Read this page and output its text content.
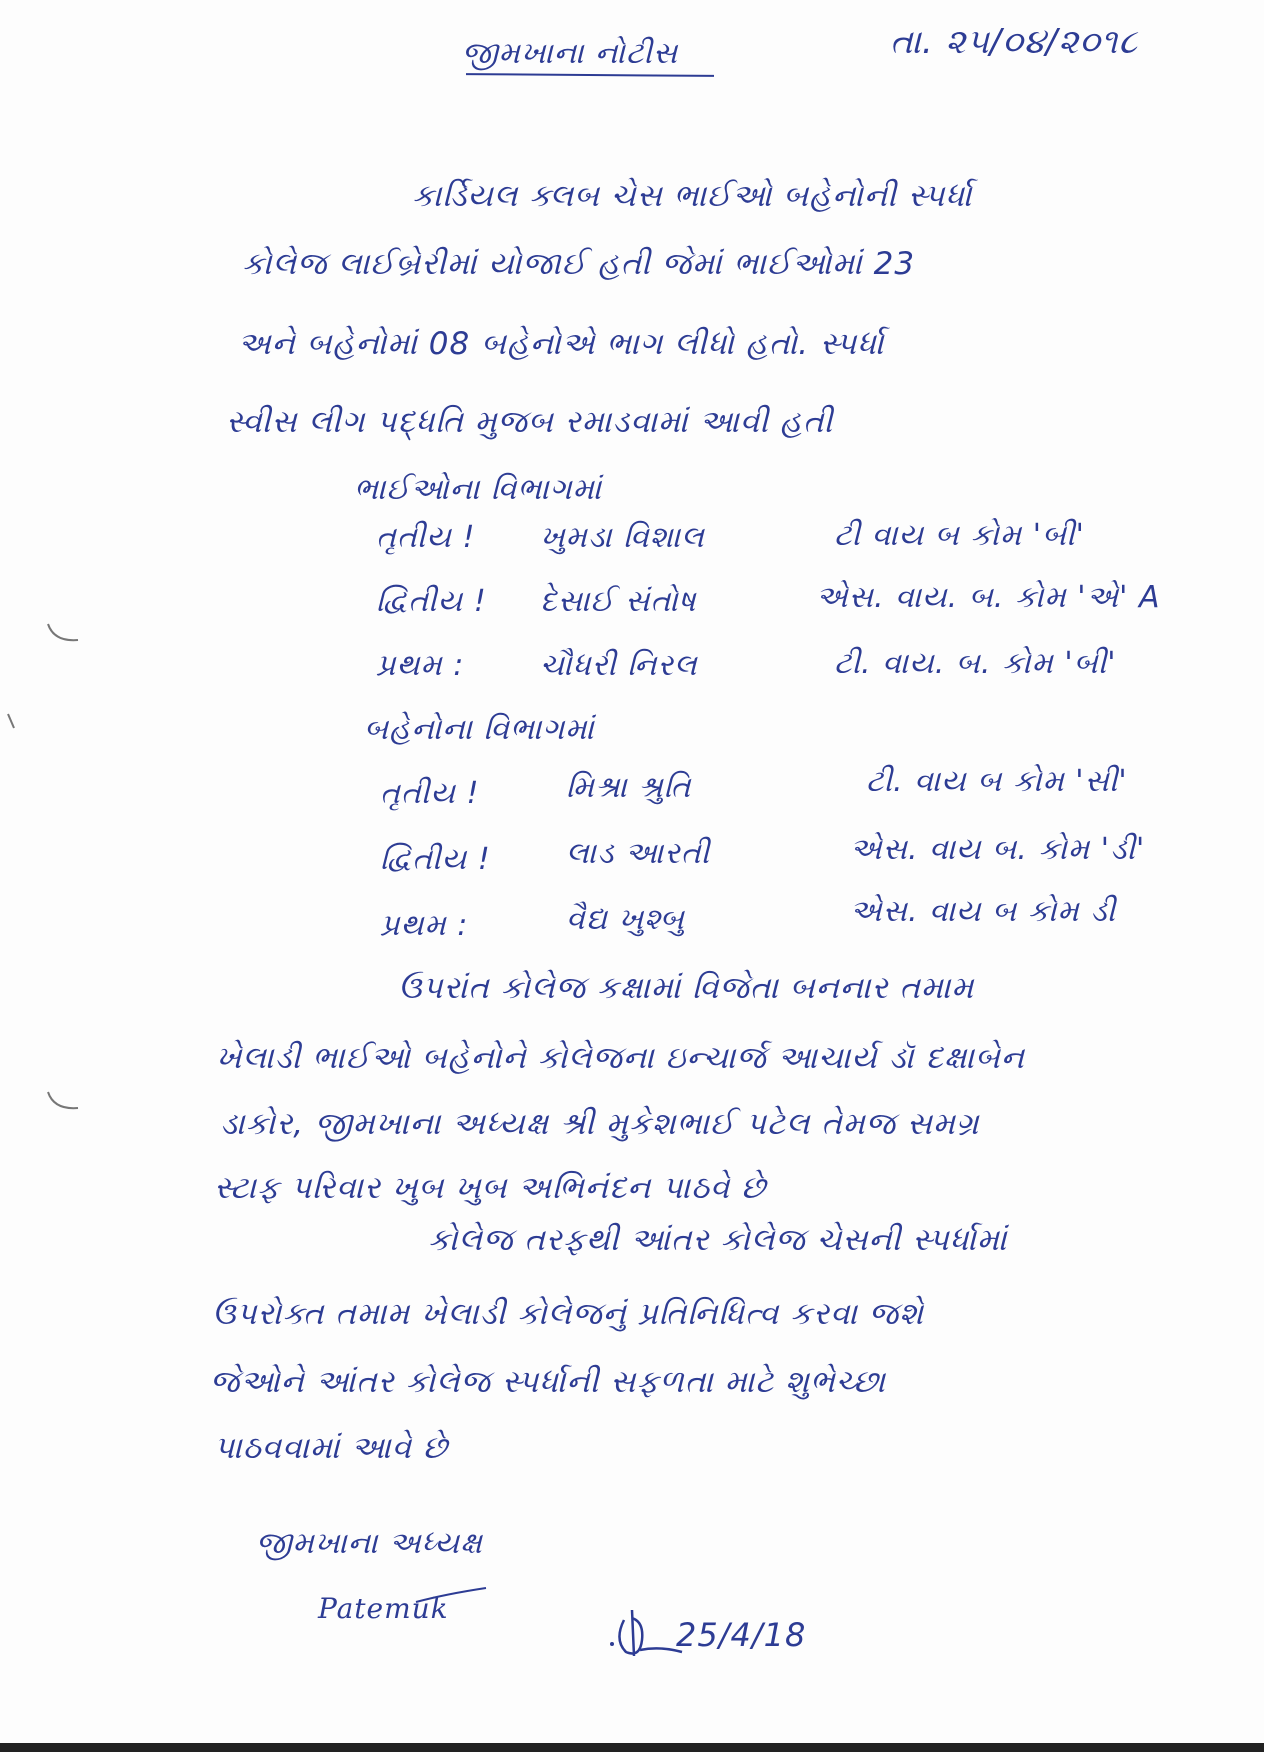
જીમખાના નોટીસ	તા. ૨૫/૦૪/૨૦૧૮
કાર્ડિયલ ક્લબ ચેસ ભાઈઓ બહેનોની સ્પર્ધા
કોલેજ લાઈબ્રેરીમાં યોજાઈ હતી જેમાં ભાઈઓમાં 23
અને બહેનોમાં 08 બહેનોએ ભાગ લીધો હતો. સ્પર્ધા
સ્વીસ લીગ પદ્ધતિ મુજબ રમાડવામાં આવી હતી
ભાઈઓના વિભાગમાં
તૃતીય ! ખુમડા વિશાલ	ટી વાય બ કોમ 'બી'
દ્વિતીય ! દેસાઈ સંતોષ	એસ. વાય. બ. કોમ 'એ' A
પ્રથમ :	ચૌધરી નિરલ	ટી. વાય. બ. કોમ 'બી'
બહેનોના વિભાગમાં
તૃતીય !	મિશ્રા શ્રુતિ	ટી. વાય બ કોમ 'સી'
દ્વિતીય !	લાડ આરતી	એસ. વાય બ. કોમ 'ડી'
પ્રથમ :	વૈદ્ય ખુશ્બુ	એસ. વાય બ કોમ ડી
ઉપરાંત કોલેજ કક્ષામાં વિજેતા બનનાર તમામ
ખેલાડી ભાઈઓ બહેનોને કોલેજના ઇન્ચાર્જ આચાર્ય ડૉ દક્ષાબેન
ડાકોર, જીમખાના અધ્યક્ષ શ્રી મુકેશભાઈ પટેલ તેમજ સમગ્ર
સ્ટાફ પરિવાર ખુબ ખુબ અભિનંદન પાઠવે છે
કોલેજ તરફથી આંતર કોલેજ ચેસની સ્પર્ધામાં
ઉપરોક્ત તમામ ખેલાડી કોલેજનું પ્રતિનિધિત્વ કરવા જશે
જેઓને આંતર કોલેજ સ્પર્ધાની સફળતા માટે શુભેચ્છા
પાઠવવામાં આવે છે
જીમખાના અધ્યક્ષ
Patemuk
25/4/18
